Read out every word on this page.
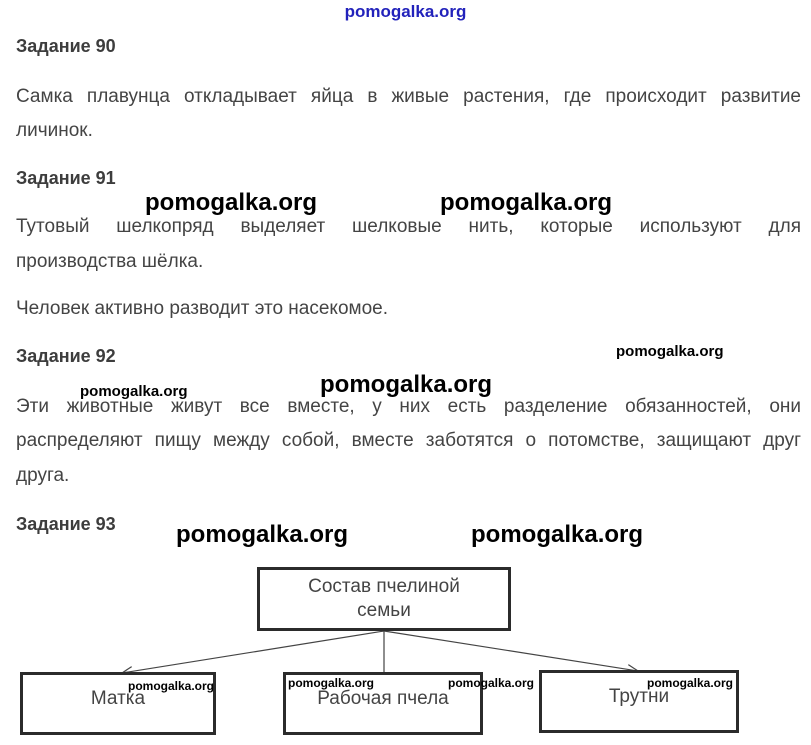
pomogalka.org
Задание 90
Самка плавунца откладывает яйца в живые растения, где происходит развитие
личинок.
Задание 91
Тутовый шелкопряд выделяет шелковые нить, которые используют для
производства шёлка.
Человек активно разводит это насекомое.
Задание 92
Эти животные живут все вместе, у них есть разделение обязанностей, они
распределяют пищу между собой, вместе заботятся о потомстве, защищают друг
друга.
Задание 93
Состав пчелиной
семьи
Матка	Рабочая пчела	Трутни
pomogalka.org	pomogalka.org
pomogalka.org
pomogalka.org	pomogalka.org
pomogalka.org	pomogalka.org
pomogalka.org	pomogalka.org	pomogalka.org	pomogalka.org
